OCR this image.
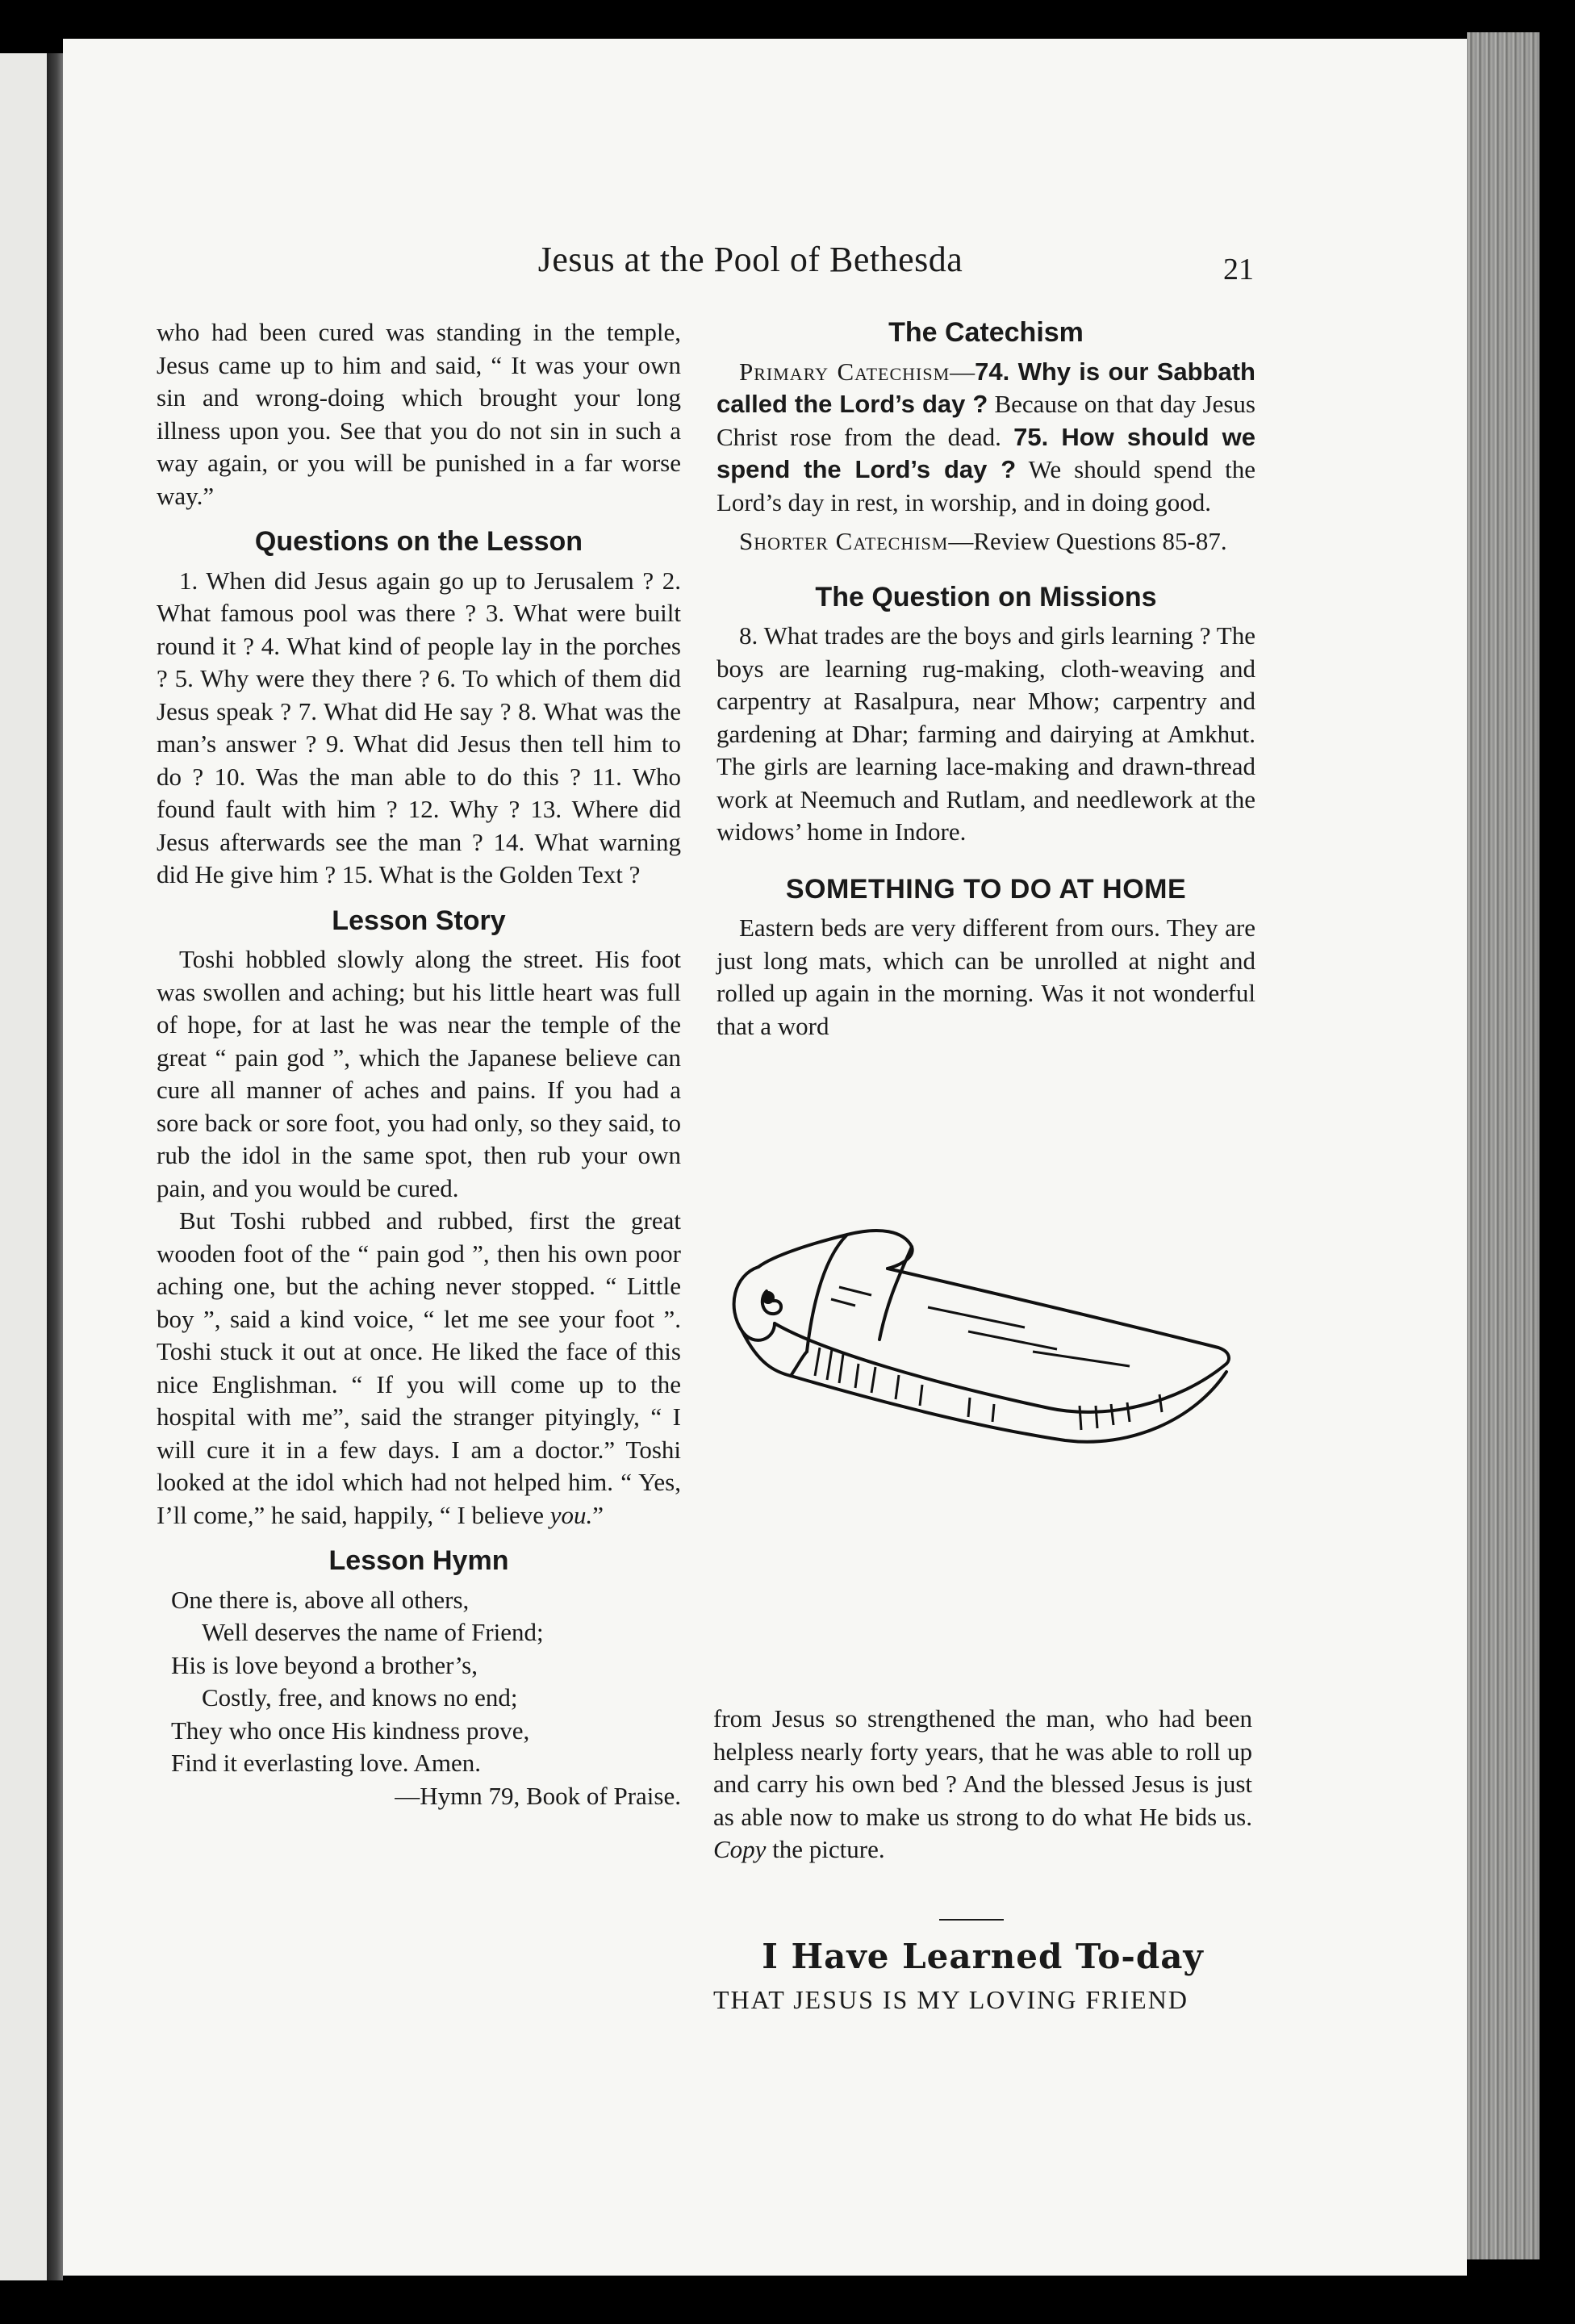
Jesus at the Pool of Bethesda	21

who had been cured was standing in the temple, Jesus came up to him and said, “ It was your own sin and wrong-doing which brought your long illness upon you. See that you do not sin in such a way again, or you will be punished in a far worse way.”

Questions on the Lesson

1. When did Jesus again go up to Jerusalem ? 2. What famous pool was there ? 3. What were built round it ? 4. What kind of people lay in the porches ? 5. Why were they there ? 6. To which of them did Jesus speak ? 7. What did He say ? 8. What was the man’s answer ? 9. What did Jesus then tell him to do ? 10. Was the man able to do this ? 11. Who found fault with him ? 12. Why ? 13. Where did Jesus afterwards see the man ? 14. What warning did He give him ? 15. What is the Golden Text ?

Lesson Story

Toshi hobbled slowly along the street. His foot was swollen and aching; but his little heart was full of hope, for at last he was near the temple of the great “ pain god ”, which the Japanese believe can cure all manner of aches and pains. If you had a sore back or sore foot, you had only, so they said, to rub the idol in the same spot, then rub your own pain, and you would be cured.

But Toshi rubbed and rubbed, first the great wooden foot of the “ pain god ”, then his own poor aching one, but the aching never stopped. “ Little boy ”, said a kind voice, “ let me see your foot ”. Toshi stuck it out at once. He liked the face of this nice Englishman. “ If you will come up to the hospital with me”, said the stranger pityingly, “ I will cure it in a few days. I am a doctor.” Toshi looked at the idol which had not helped him. “ Yes, I’ll come,” he said, happily, “ I believe you.”

Lesson Hymn
One there is, above all others,
Well deserves the name of Friend;
His is love beyond a brother’s,
Costly, free, and knows no end;
They who once His kindness prove,
Find it everlasting love. Amen.
—Hymn 79, Book of Praise.
The Catechism

Primary Catechism—74. Why is our Sabbath called the Lord’s day ? Because on that day Jesus Christ rose from the dead. 75. How should we spend the Lord’s day ? We should spend the Lord’s day in rest, in worship, and in doing good.

Shorter Catechism—Review Questions 85-87.

The Question on Missions

8. What trades are the boys and girls learning ? The boys are learning rug-making, cloth-weaving and carpentry at Rasalpura, near Mhow; carpentry and gardening at Dhar; farming and dairying at Amkhut. The girls are learning lace-making and drawn-thread work at Neemuch and Rutlam, and needlework at the widows’ home in Indore.

SOMETHING TO DO AT HOME

Eastern beds are very different from ours. They are just long mats, which can be unrolled at night and rolled up again in the morning. Was it not wonderful that a word

from Jesus so strengthened the man, who had been helpless nearly forty years, that he was able to roll up and carry his own bed ? And the blessed Jesus is just as able now to make us strong to do what He bids us. Copy the picture.

I Have Learned To-day
THAT JESUS IS MY LOVING FRIEND
